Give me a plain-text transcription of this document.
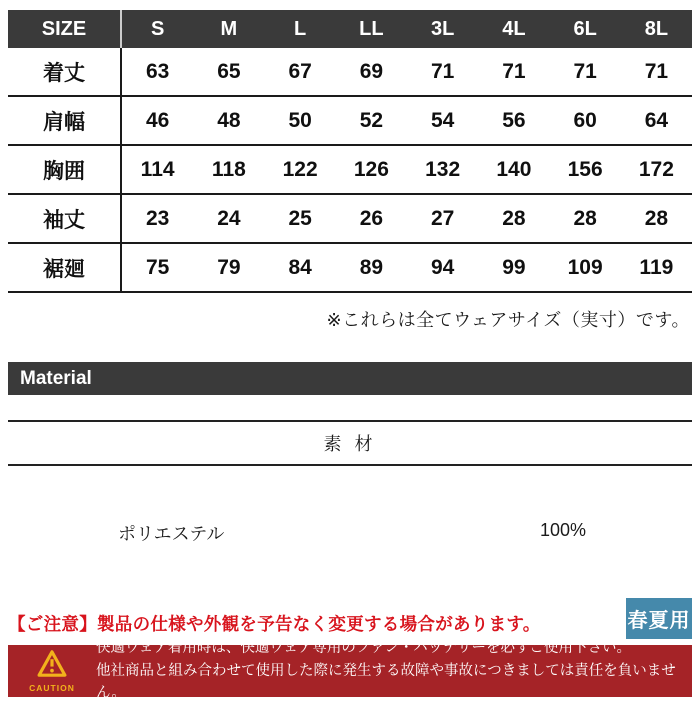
SIZE	S	M	L	LL	3L	4L	6L	8L
着丈	63	65	67	69	71	71	71	71
肩幅	46	48	50	52	54	56	60	64
胸囲	114	118	122	126	132	140	156	172
袖丈	23	24	25	26	27	28	28	28
裾廻	75	79	84	89	94	99	109	119
※これらは全てウェアサイズ（実寸）です。
Material
素 材
ポリエステル	100%
春夏用
【ご注意】製品の仕様や外観を予告なく変更する場合があります。
CAUTION
快適ウェア着用時は、快適ウェア専用のファン・バッテリーを必ずご使用下さい。
他社商品と組み合わせて使用した際に発生する故障や事故につきましては責任を負いません。
